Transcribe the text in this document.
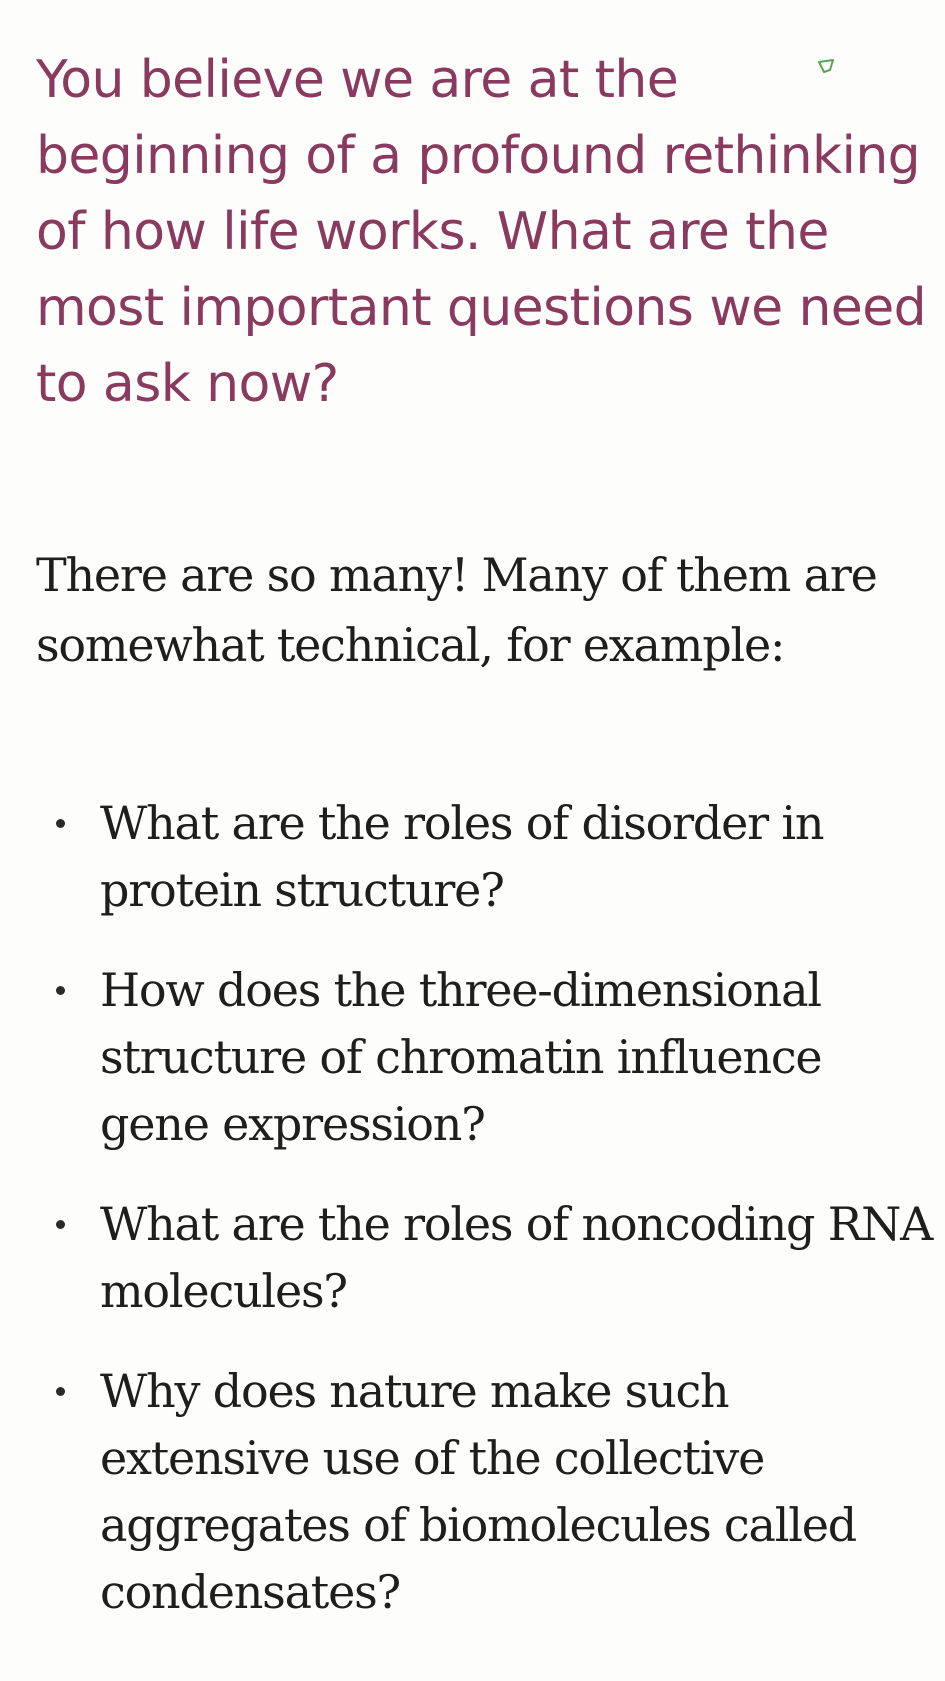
You believe we are at the beginning of a profound rethinking of how life works. What are the most important questions we need to ask now?

There are so many! Many of them are somewhat technical, for example:

What are the roles of disorder in protein structure?
How does the three-dimensional structure of chromatin influence gene expression?
What are the roles of noncoding RNA molecules?
Why does nature make such extensive use of the collective aggregates of biomolecules called condensates?
